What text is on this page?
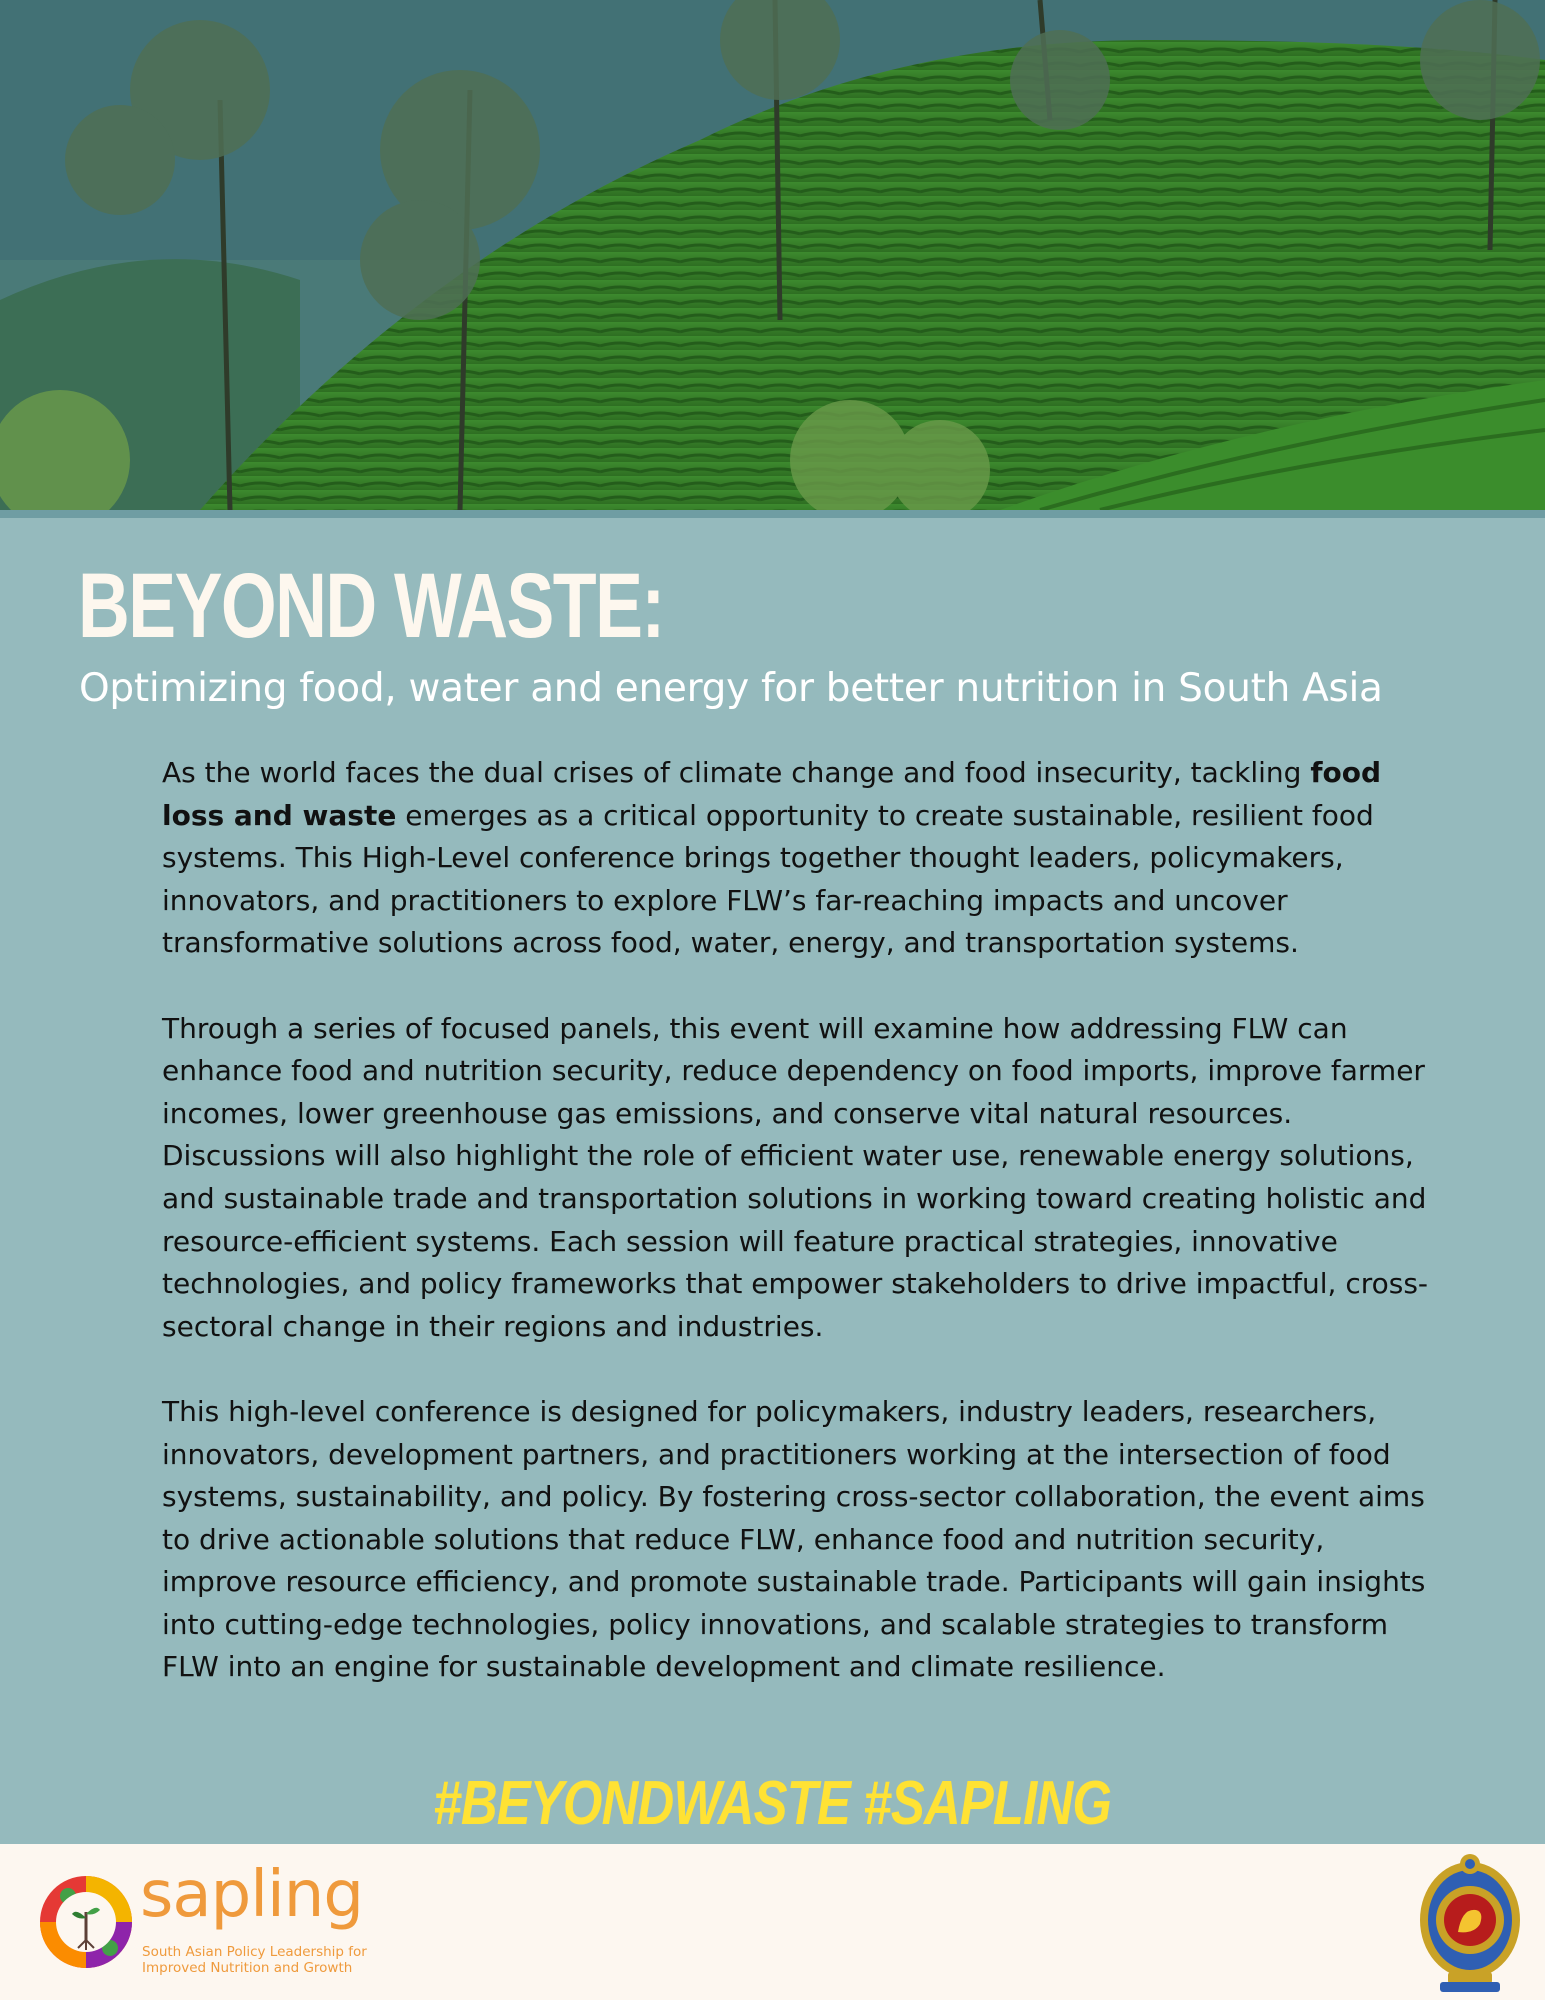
BEYOND WASTE:
Optimizing food, water and energy for better nutrition in South Asia

As the world faces the dual crises of climate change and food insecurity, tackling food loss and waste emerges as a critical opportunity to create sustainable, resilient food systems. This High-Level conference brings together thought leaders, policymakers, innovators, and practitioners to explore FLW’s far-reaching impacts and uncover transformative solutions across food, water, energy, and transportation systems.

Through a series of focused panels, this event will examine how addressing FLW can enhance food and nutrition security, reduce dependency on food imports, improve farmer incomes, lower greenhouse gas emissions, and conserve vital natural resources. Discussions will also highlight the role of efficient water use, renewable energy solutions, and sustainable trade and transportation solutions in working toward creating holistic and resource-efficient systems. Each session will feature practical strategies, innovative technologies, and policy frameworks that empower stakeholders to drive impactful, cross-sectoral change in their regions and industries.

This high-level conference is designed for policymakers, industry leaders, researchers, innovators, development partners, and practitioners working at the intersection of food systems, sustainability, and policy. By fostering cross-sector collaboration, the event aims to drive actionable solutions that reduce FLW, enhance food and nutrition security, improve resource efficiency, and promote sustainable trade. Participants will gain insights into cutting-edge technologies, policy innovations, and scalable strategies to transform FLW into an engine for sustainable development and climate resilience.

#BEYONDWASTE #SAPLING
sapling
South Asian Policy Leadership for Improved Nutrition and Growth
